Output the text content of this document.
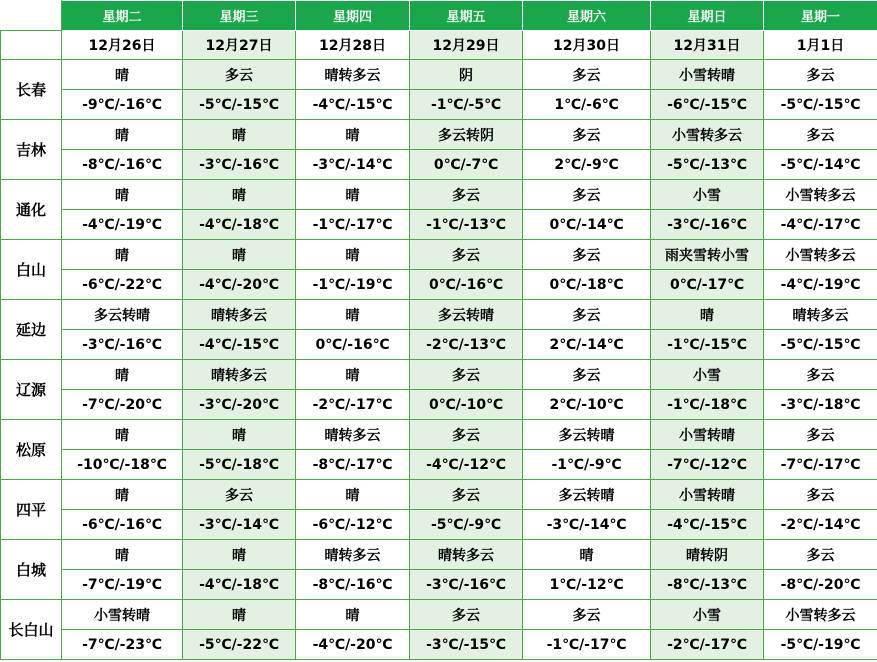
	星期二	星期三	星期四	星期五	星期六	星期日	星期一
	12月26日	12月27日	12月28日	12月29日	12月30日	12月31日	1月1日
长春	晴	多云	晴转多云	阴	多云	小雪转晴	多云
	-9℃/-16℃	-5℃/-15℃	-4℃/-15℃	-1℃/-5℃	1℃/-6℃	-6℃/-15℃	-5℃/-15℃
吉林	晴	晴	晴	多云转阴	多云	小雪转多云	多云
	-8℃/-16℃	-3℃/-16℃	-3℃/-14℃	0℃/-7℃	2℃/-9℃	-5℃/-13℃	-5℃/-14℃
通化	晴	晴	晴	多云	多云	小雪	小雪转多云
	-4℃/-19℃	-4℃/-18℃	-1℃/-17℃	-1℃/-13℃	0℃/-14℃	-3℃/-16℃	-4℃/-17℃
白山	晴	晴	晴	多云	多云	雨夹雪转小雪	小雪转多云
	-6℃/-22℃	-4℃/-20℃	-1℃/-19℃	0℃/-16℃	0℃/-18℃	0℃/-17℃	-4℃/-19℃
延边	多云转晴	晴转多云	晴	多云转晴	多云	晴	晴转多云
	-3℃/-16℃	-4℃/-15℃	0℃/-16℃	-2℃/-13℃	2℃/-14℃	-1℃/-15℃	-5℃/-15℃
辽源	晴	晴转多云	晴	多云	多云	小雪	多云
	-7℃/-20℃	-3℃/-20℃	-2℃/-17℃	0℃/-10℃	2℃/-10℃	-1℃/-18℃	-3℃/-18℃
松原	晴	晴	晴转多云	多云	多云转晴	小雪转晴	多云
	-10℃/-18℃	-5℃/-18℃	-8℃/-17℃	-4℃/-12℃	-1℃/-9℃	-7℃/-12℃	-7℃/-17℃
四平	晴	多云	晴	多云	多云转晴	小雪转晴	多云
	-6℃/-16℃	-3℃/-14℃	-6℃/-12℃	-5℃/-9℃	-3℃/-14℃	-4℃/-15℃	-2℃/-14℃
白城	晴	晴	晴转多云	晴转多云	晴	晴转阴	多云
	-7℃/-19℃	-4℃/-18℃	-8℃/-16℃	-3℃/-16℃	1℃/-12℃	-8℃/-13℃	-8℃/-20℃
长白山	小雪转晴	晴	晴	多云	多云	小雪	小雪转多云
	-7℃/-23℃	-5℃/-22℃	-4℃/-20℃	-3℃/-15℃	-1℃/-17℃	-2℃/-17℃	-5℃/-19℃
